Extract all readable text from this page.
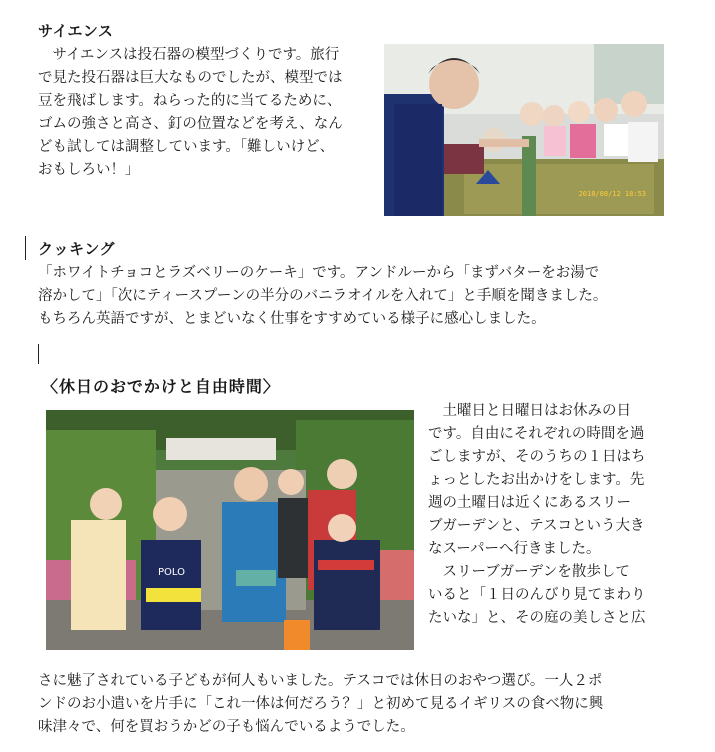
サイエンス
　サイエンスは投石器の模型づくりです。旅行
で見た投石器は巨大なものでしたが、模型では
豆を飛ばします。ねらった的に当てるために、
ゴムの強さと高さ、釘の位置などを考え、なん
ども試しては調整しています。「難しいけど、
おもしろい！」
2018/08/12 18:53
クッキング
「ホワイトチョコとラズベリーのケーキ」です。アンドルーから「まずバターをお湯で
溶かして」「次にティースプーンの半分のバニラオイルを入れて」と手順を聞きました。
もちろん英語ですが、とまどいなく仕事をすすめている様子に感心しました。
〈休日のおでかけと自由時間〉
POLO
　土曜日と日曜日はお休みの日
です。自由にそれぞれの時間を過
ごしますが、そのうちの１日はち
ょっとしたお出かけをします。先
週の土曜日は近くにあるスリー
ブガーデンと、テスコという大き
なスーパーへ行きました。
　スリーブガーデンを散歩して
いると「１日のんびり見てまわり
たいな」と、その庭の美しさと広
さに魅了されている子どもが何人もいました。テスコでは休日のおやつ選び。一人２ポ
ンドのお小遣いを片手に「これ一体は何だろう？」と初めて見るイギリスの食べ物に興
味津々で、何を買おうかどの子も悩んでいるようでした。
